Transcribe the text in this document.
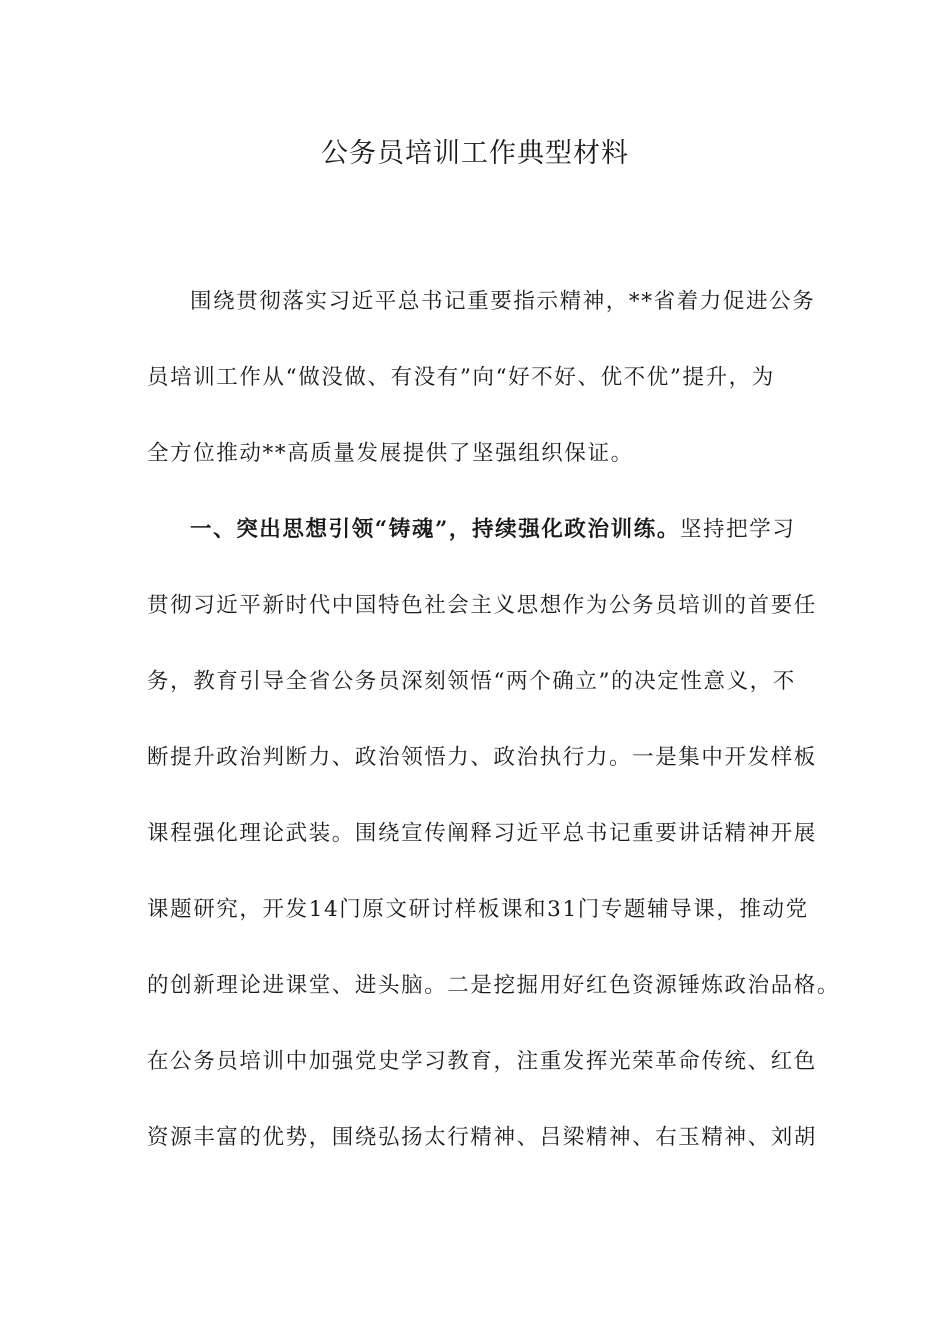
公务员培训工作典型材料
围绕贯彻落实习近平总书记重要指示精神，**省着力促进公务
员培训工作从“做没做、有没有”向“好不好、优不优”提升，为
全方位推动**高质量发展提供了坚强组织保证。
一、突出思想引领“铸魂”，持续强化政治训练。坚持把学习
贯彻习近平新时代中国特色社会主义思想作为公务员培训的首要任
务，教育引导全省公务员深刻领悟“两个确立”的决定性意义，不
断提升政治判断力、政治领悟力、政治执行力。一是集中开发样板
课程强化理论武装。围绕宣传阐释习近平总书记重要讲话精神开展
课题研究，开发14门原文研讨样板课和31门专题辅导课，推动党
的创新理论进课堂、进头脑。二是挖掘用好红色资源锤炼政治品格。
在公务员培训中加强党史学习教育，注重发挥光荣革命传统、红色
资源丰富的优势，围绕弘扬太行精神、吕梁精神、右玉精神、刘胡
